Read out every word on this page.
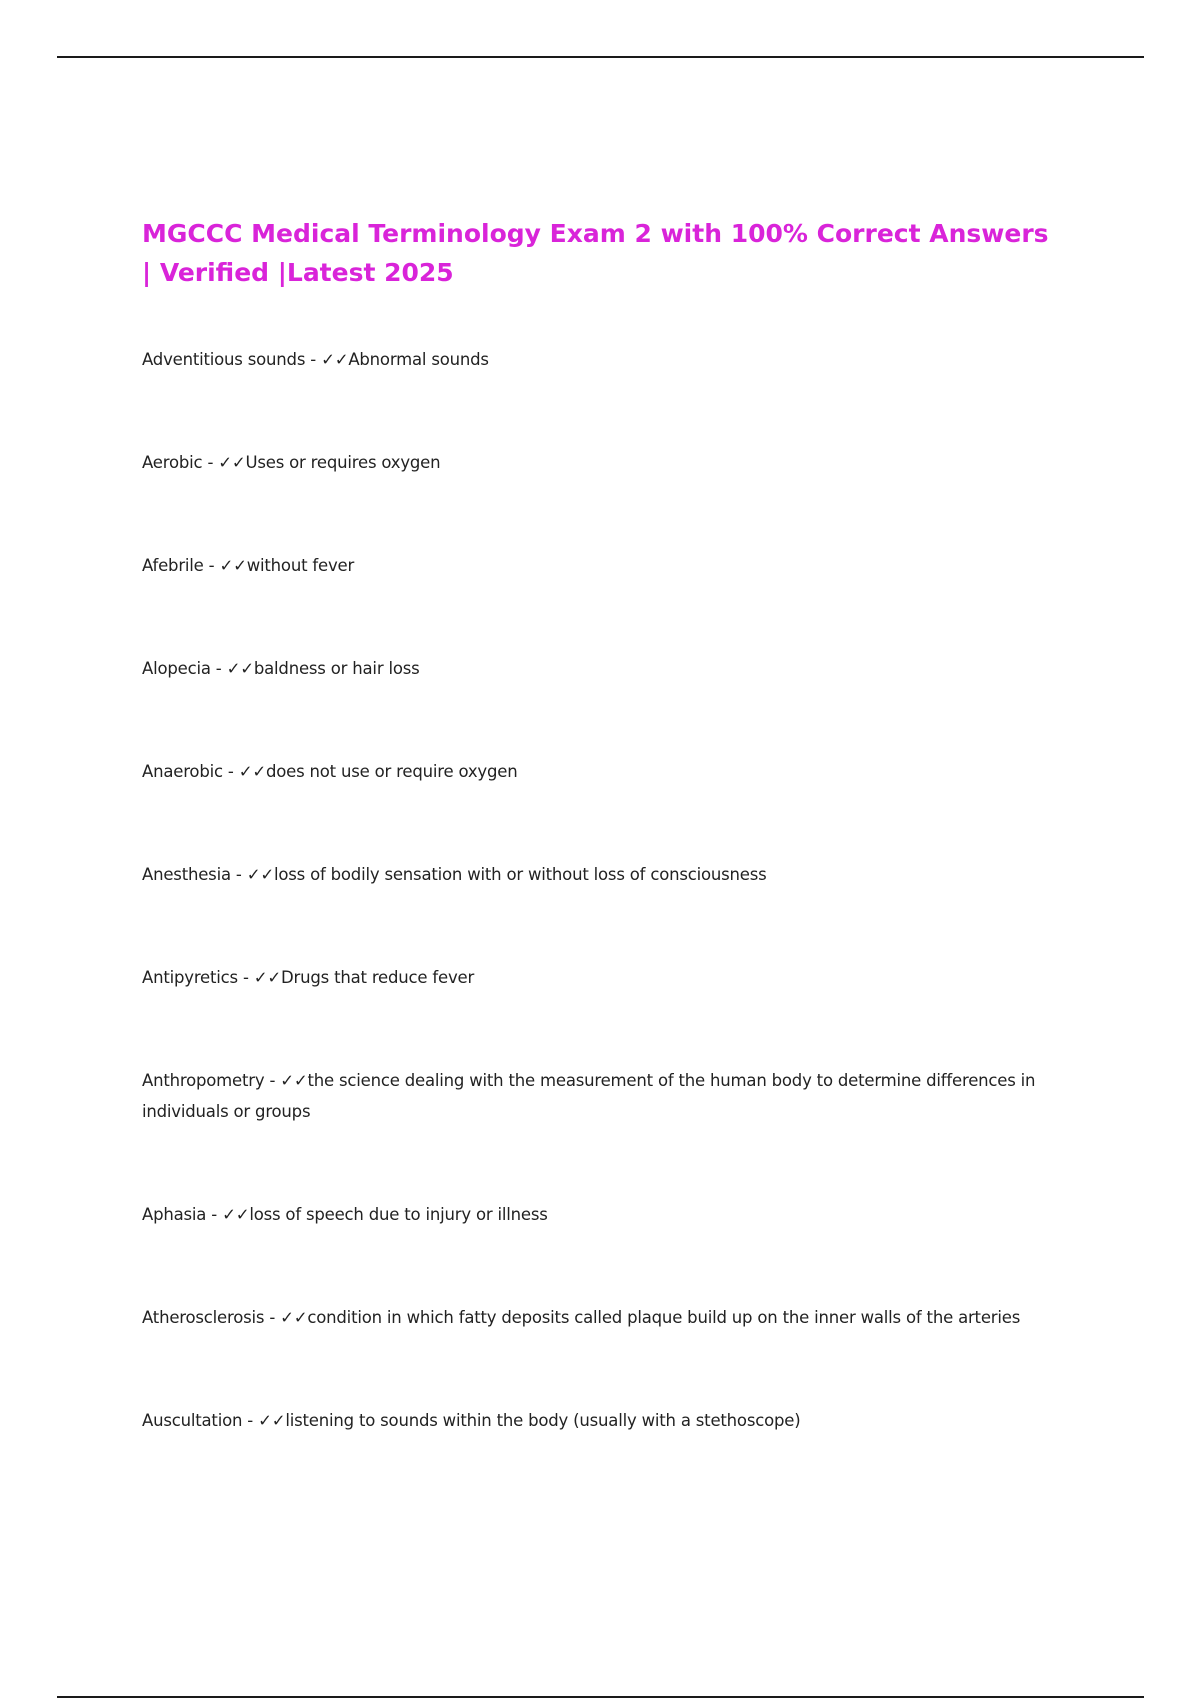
MGCCC Medical Terminology Exam 2 with 100% Correct Answers | Verified |Latest 2025
Adventitious sounds - ✓✓Abnormal sounds
Aerobic - ✓✓Uses or requires oxygen
Afebrile - ✓✓without fever
Alopecia - ✓✓baldness or hair loss
Anaerobic - ✓✓does not use or require oxygen
Anesthesia - ✓✓loss of bodily sensation with or without loss of consciousness
Antipyretics - ✓✓Drugs that reduce fever
Anthropometry - ✓✓the science dealing with the measurement of the human body to determine differences in individuals or groups
Aphasia - ✓✓loss of speech due to injury or illness
Atherosclerosis - ✓✓condition in which fatty deposits called plaque build up on the inner walls of the arteries
Auscultation - ✓✓listening to sounds within the body (usually with a stethoscope)
